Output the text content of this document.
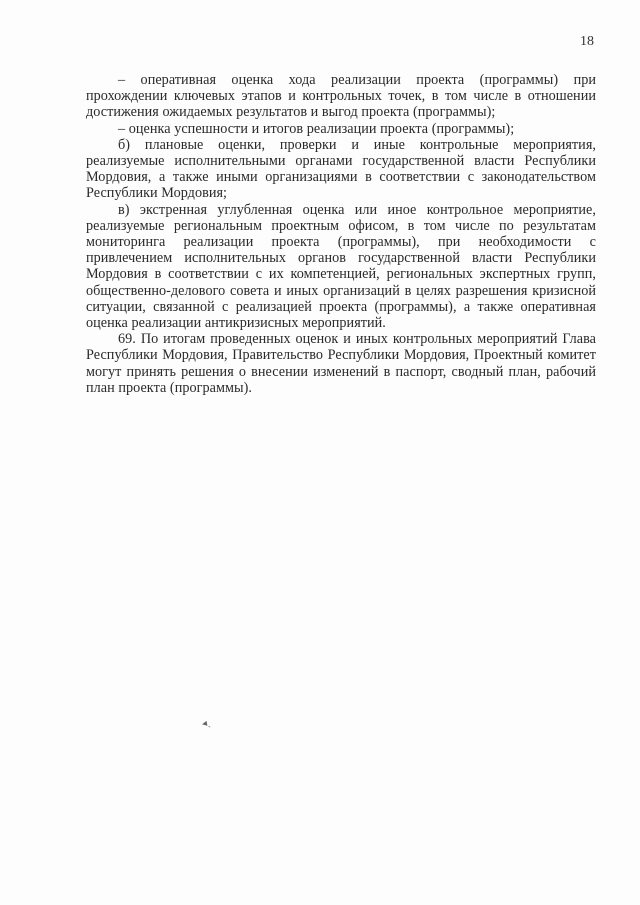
18

– оперативная оценка хода реализации проекта (программы) при прохождении ключевых этапов и контрольных точек, в том числе в отношении достижения ожидаемых результатов и выгод проекта (программы);

– оценка успешности и итогов реализации проекта (программы);

б) плановые оценки, проверки и иные контрольные мероприятия, реализуемые исполнительными органами государственной власти Республики Мордовия, а также иными организациями в соответствии с законодательством Республики Мордовия;

в) экстренная углубленная оценка или иное контрольное мероприятие, реализуемые региональным проектным офисом, в том числе по результатам мониторинга реализации проекта (программы), при необходимости с привлечением исполнительных органов государственной власти Республики Мордовия в соответствии с их компетенцией, региональных экспертных групп, общественно-делового совета и иных организаций в целях разрешения кризисной ситуации, связанной с реализацией проекта (программы), а также оперативная оценка реализации антикризисных мероприятий.

69. По итогам проведенных оценок и иных контрольных мероприятий Глава Республики Мордовия, Правительство Республики Мордовия, Проектный комитет могут принять решения о внесении изменений в паспорт, сводный план, рабочий план проекта (программы).

◂ˎ
